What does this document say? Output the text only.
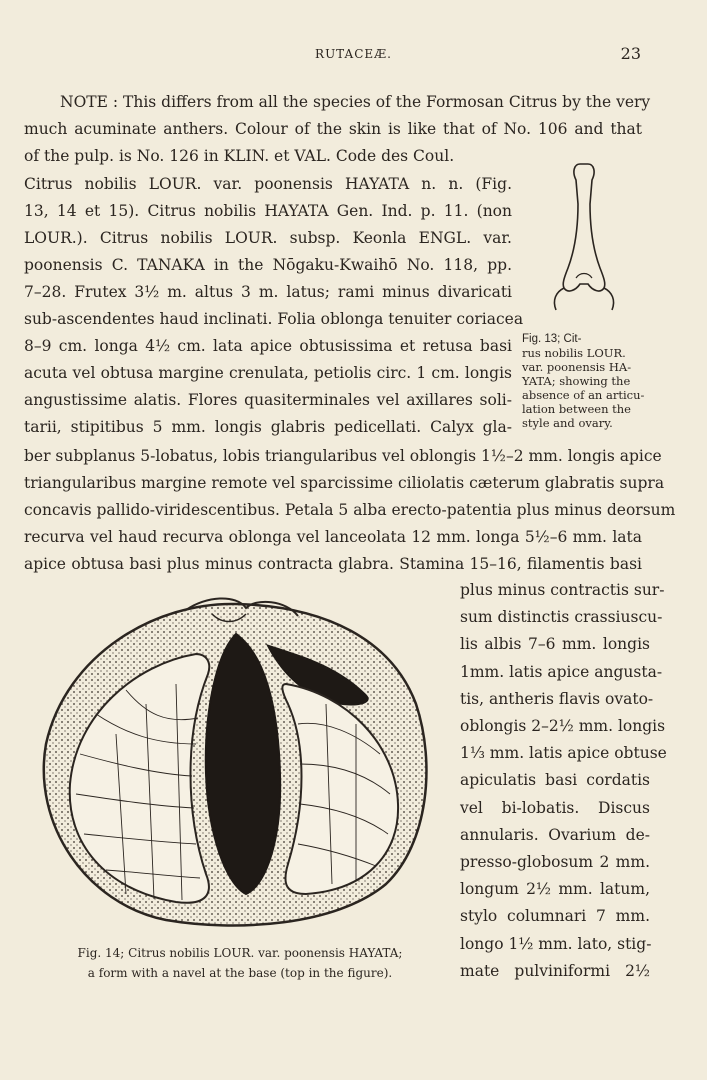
RUTACEÆ.	23
NOTE : This differs from all the species of the Formosan Citrus by the very
much acuminate anthers. Colour of the skin is like that of No. 106 and that
of the pulp. is No. 126 in KLIN. et VAL. Code des Coul.
Citrus nobilis LOUR. var. poonensis HAYATA n. n. (Fig.
13, 14 et 15). Citrus nobilis HAYATA Gen. Ind. p. 11. (non
LOUR.). Citrus nobilis LOUR. subsp. Keonla ENGL. var.
poonensis C. TANAKA in the Nōgaku-Kwaihō No. 118, pp.
7–28. Frutex 3½ m. altus 3 m. latus; rami minus divaricati
sub-ascendentes haud inclinati. Folia oblonga tenuiter coriacea
8–9 cm. longa 4½ cm. lata apice obtusissima et retusa basi
acuta vel obtusa margine crenulata, petiolis circ. 1 cm. longis
angustissime alatis. Flores quasiterminales vel axillares soli-
tarii, stipitibus 5 mm. longis glabris pedicellati. Calyx gla-
Fig. 13; Cit-
rus nobilis LOUR.
var. poonensis HA-
YATA; showing the
absence of an articu-
lation between the
style and ovary.
ber subplanus 5-lobatus, lobis triangularibus vel oblongis 1½–2 mm. longis apice
triangularibus margine remote vel sparcissime ciliolatis cæterum glabratis supra
concavis pallido-viridescentibus. Petala 5 alba erecto-patentia plus minus deorsum
recurva vel haud recurva oblonga vel lanceolata 12 mm. longa 5½–6 mm. lata
apice obtusa basi plus minus contracta glabra. Stamina 15–16, filamentis basi
plus minus contractis sur-
sum distinctis crassiuscu-
lis albis 7–6 mm. longis
1mm. latis apice angusta-
tis, antheris flavis ovato-
oblongis 2–2½ mm. longis
1⅓ mm. latis apice obtuse
apiculatis basi cordatis
vel bi-lobatis. Discus
annularis. Ovarium de-
presso-globosum 2 mm.
longum 2½ mm. latum,
stylo columnari 7 mm.
longo 1½ mm. lato, stig-
mate pulviniformi 2½
Fig. 14; Citrus nobilis LOUR. var. poonensis HAYATA;
a form with a navel at the base (top in the figure).
